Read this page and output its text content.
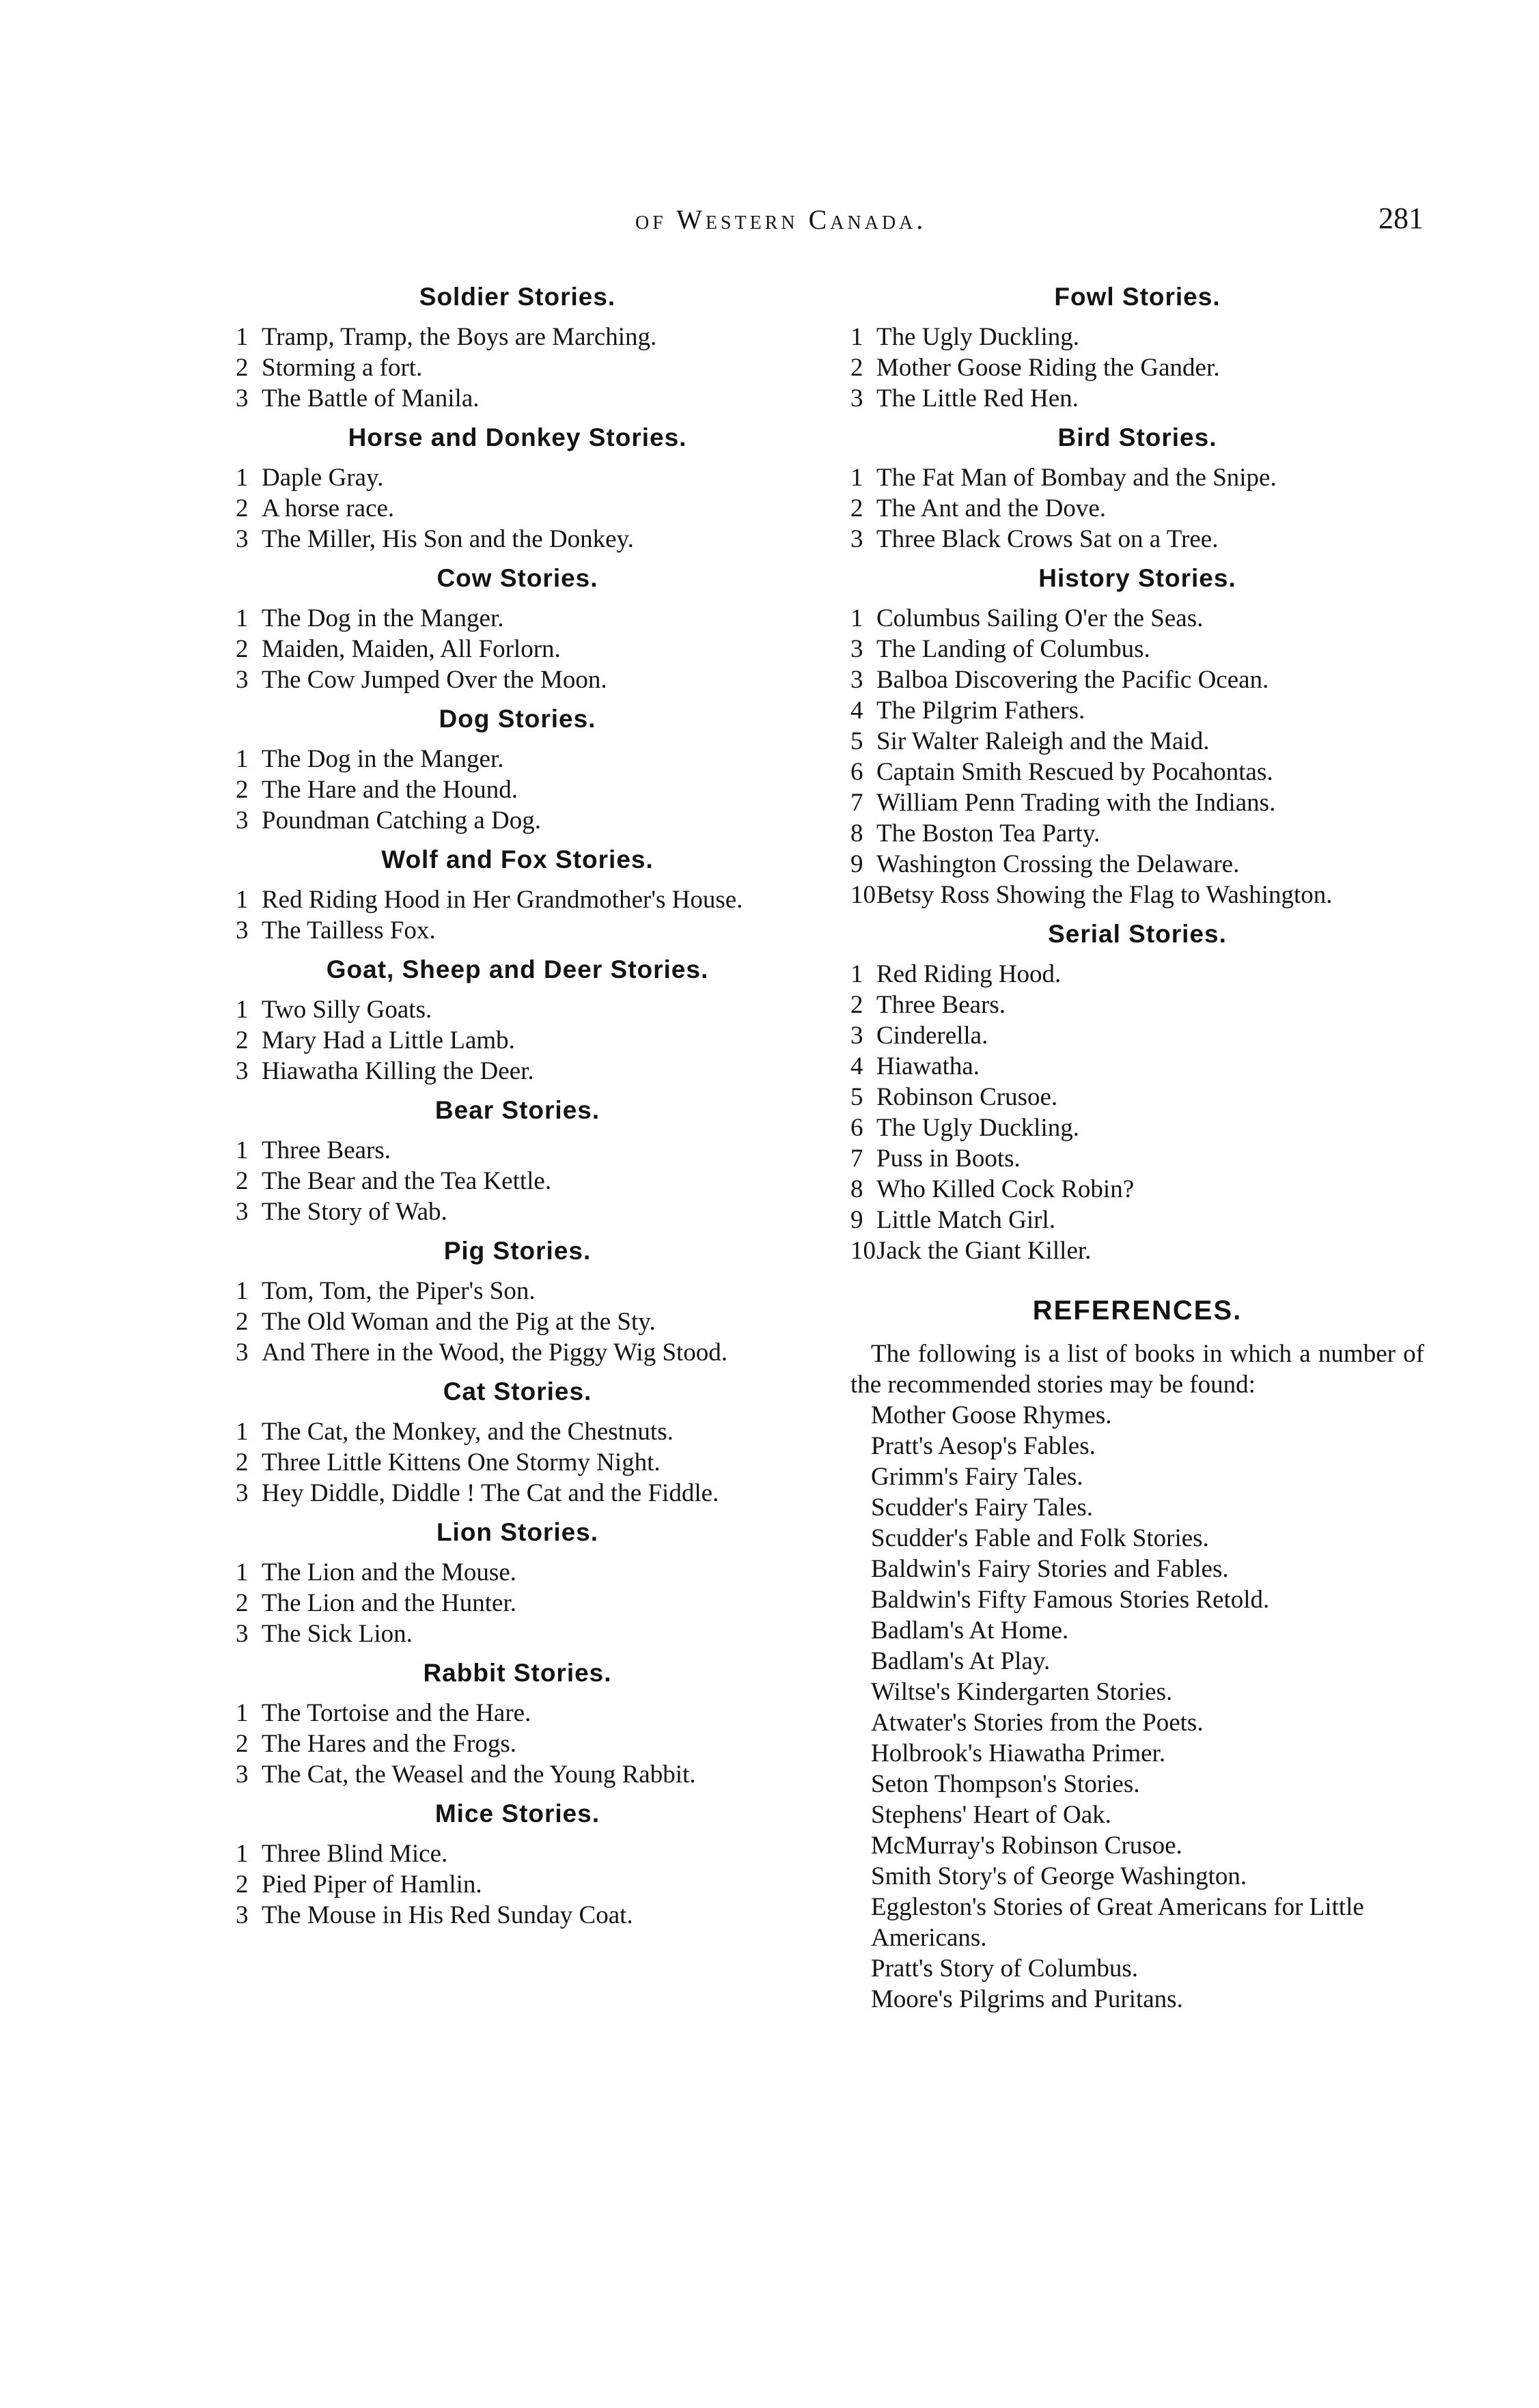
of Western Canada.	281
Soldier Stories.
1 Tramp, Tramp, the Boys are Marching.
2 Storming a fort.
3 The Battle of Manila.
Horse and Donkey Stories.
1 Daple Gray.
2 A horse race.
3 The Miller, His Son and the Donkey.
Cow Stories.
1 The Dog in the Manger.
2 Maiden, Maiden, All Forlorn.
3 The Cow Jumped Over the Moon.
Dog Stories.
1 The Dog in the Manger.
2 The Hare and the Hound.
3 Poundman Catching a Dog.
Wolf and Fox Stories.
1 Red Riding Hood in Her Grandmother's House.
3 The Tailless Fox.
Goat, Sheep and Deer Stories.
1 Two Silly Goats.
2 Mary Had a Little Lamb.
3 Hiawatha Killing the Deer.
Bear Stories.
1 Three Bears.
2 The Bear and the Tea Kettle.
3 The Story of Wab.
Pig Stories.
1 Tom, Tom, the Piper's Son.
2 The Old Woman and the Pig at the Sty.
3 And There in the Wood, the Piggy Wig Stood.
Cat Stories.
1 The Cat, the Monkey, and the Chestnuts.
2 Three Little Kittens One Stormy Night.
3 Hey Diddle, Diddle ! The Cat and the Fiddle.
Lion Stories.
1 The Lion and the Mouse.
2 The Lion and the Hunter.
3 The Sick Lion.
Rabbit Stories.
1 The Tortoise and the Hare.
2 The Hares and the Frogs.
3 The Cat, the Weasel and the Young Rabbit.
Mice Stories.
1 Three Blind Mice.
2 Pied Piper of Hamlin.
3 The Mouse in His Red Sunday Coat.
Fowl Stories.
1 The Ugly Duckling.
2 Mother Goose Riding the Gander.
3 The Little Red Hen.
Bird Stories.
1 The Fat Man of Bombay and the Snipe.
2 The Ant and the Dove.
3 Three Black Crows Sat on a Tree.
History Stories.
1 Columbus Sailing O'er the Seas.
3 The Landing of Columbus.
3 Balboa Discovering the Pacific Ocean.
4 The Pilgrim Fathers.
5 Sir Walter Raleigh and the Maid.
6 Captain Smith Rescued by Pocahontas.
7 William Penn Trading with the Indians.
8 The Boston Tea Party.
9 Washington Crossing the Delaware.
10 Betsy Ross Showing the Flag to Washington.
Serial Stories.
1 Red Riding Hood.
2 Three Bears.
3 Cinderella.
4 Hiawatha.
5 Robinson Crusoe.
6 The Ugly Duckling.
7 Puss in Boots.
8 Who Killed Cock Robin?
9 Little Match Girl.
10 Jack the Giant Killer.
REFERENCES.

The following is a list of books in which a number of the recommended stories may be found:

Mother Goose Rhymes.
Pratt's Aesop's Fables.
Grimm's Fairy Tales.
Scudder's Fairy Tales.
Scudder's Fable and Folk Stories.
Baldwin's Fairy Stories and Fables.
Baldwin's Fifty Famous Stories Retold.
Badlam's At Home.
Badlam's At Play.
Wiltse's Kindergarten Stories.
Atwater's Stories from the Poets.
Holbrook's Hiawatha Primer.
Seton Thompson's Stories.
Stephens' Heart of Oak.
McMurray's Robinson Crusoe.
Smith Story's of George Washington.
Eggleston's Stories of Great Americans for Little Americans.
Pratt's Story of Columbus.
Moore's Pilgrims and Puritans.
